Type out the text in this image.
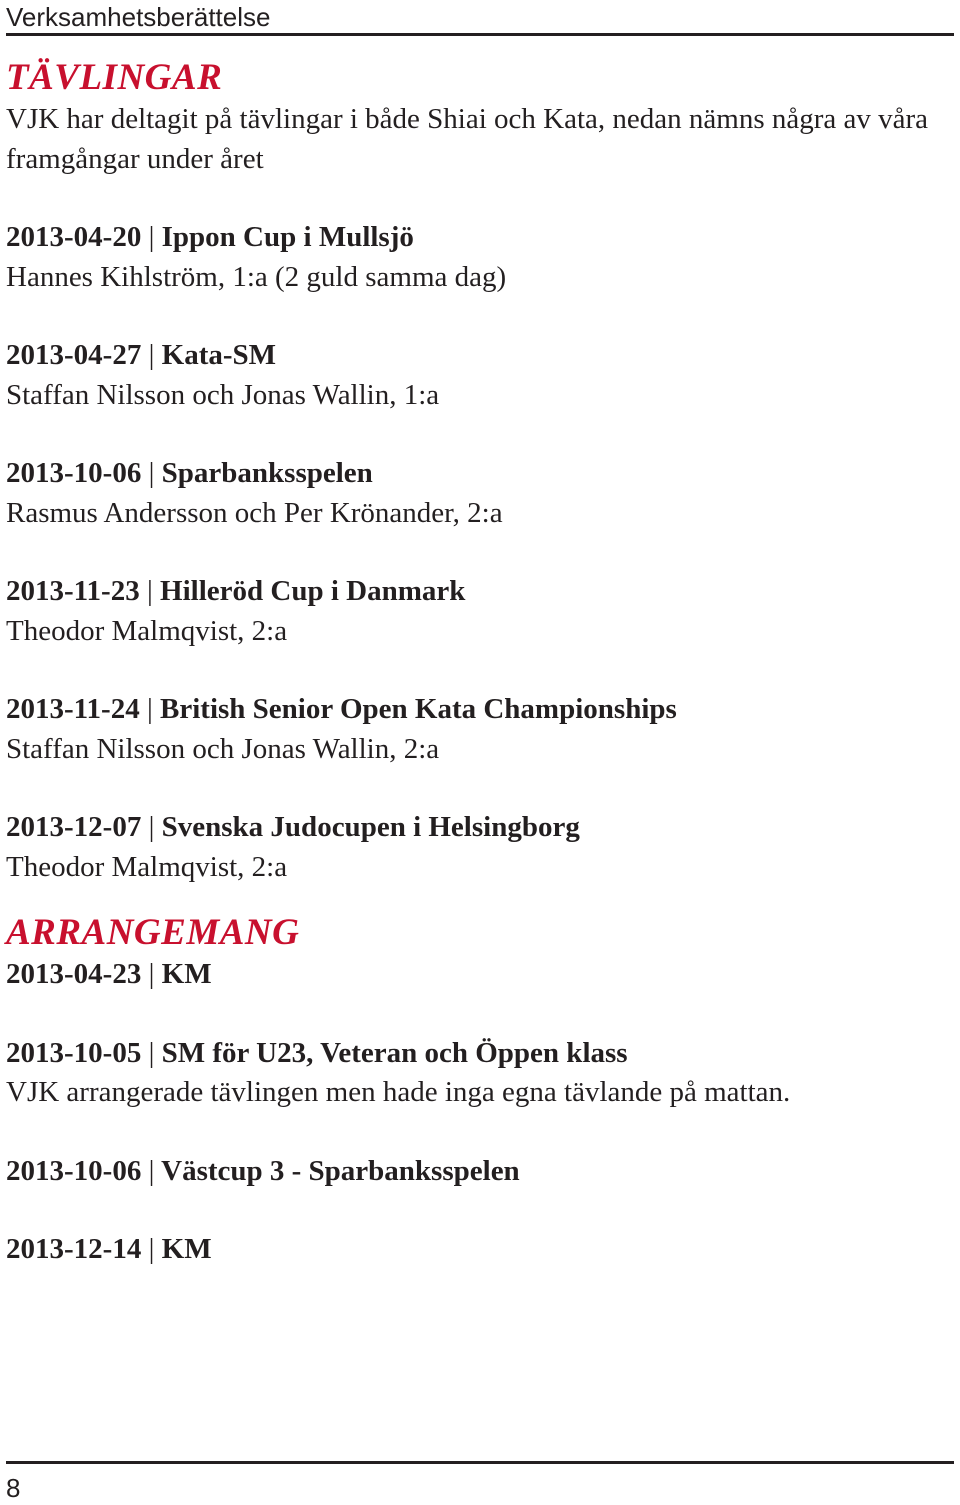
Verksamhetsberättelse
TÄVLINGAR

VJK har deltagit på tävlingar i både Shiai och Kata, nedan nämns några av våra framgångar under året

2013-04-20 | Ippon Cup i Mullsjö

Hannes Kihlström, 1:a (2 guld samma dag)

2013-04-27 | Kata-SM

Staffan Nilsson och Jonas Wallin, 1:a

2013-10-06 | Sparbanksspelen

Rasmus Andersson och Per Krönander, 2:a

2013-11-23 | Hilleröd Cup i Danmark

Theodor Malmqvist, 2:a

2013-11-24 | British Senior Open Kata Championships

Staffan Nilsson och Jonas Wallin, 2:a

2013-12-07 | Svenska Judocupen i Helsingborg

Theodor Malmqvist, 2:a

ARRANGEMANG

2013-04-23 | KM

2013-10-05 | SM för U23, Veteran och Öppen klass

VJK arrangerade tävlingen men hade inga egna tävlande på mattan.

2013-10-06 | Västcup 3 - Sparbanksspelen

2013-12-14 | KM

8
